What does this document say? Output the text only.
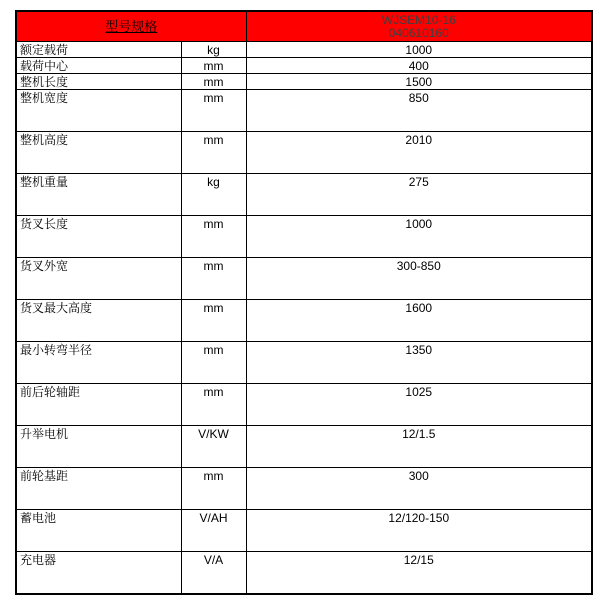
型号规格		WJSEM10-16
040610160

额定载荷	kg	1000
载荷中心	mm	400
整机长度	mm	1500
整机宽度	mm	850
整机高度	mm	2010
整机重量	kg	275
货叉长度	mm	1000
货叉外宽	mm	300-850
货叉最大高度	mm	1600
最小转弯半径	mm	1350
前后轮轴距	mm	1025
升举电机	V/KW	12/1.5
前轮基距	mm	300
蓄电池	V/AH	12/120-150
充电器	V/A	12/15
